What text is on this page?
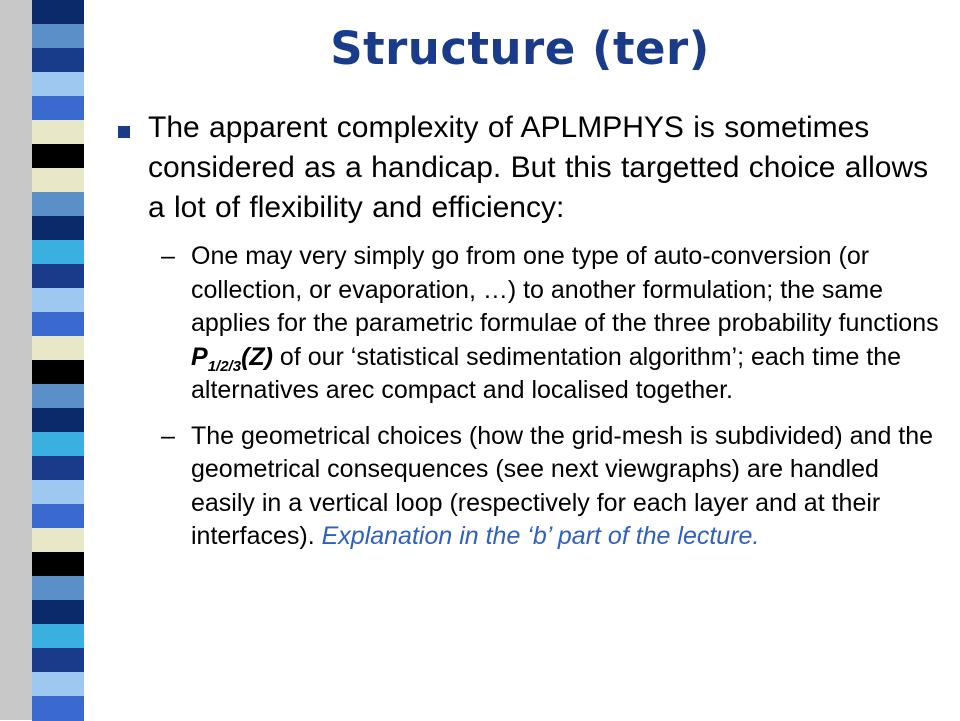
Structure (ter)
The apparent complexity of APLMPHYS is sometimes considered as a handicap. But this targetted choice allows a lot of flexibility and efficiency:
– One may very simply go from one type of auto-conversion (or collection, or evaporation, …) to another formulation; the same applies for the parametric formulae of the three probability functions $P_{1/2/3}(Z)$ of our ‘statistical sedimentation algorithm’; each time the alternatives arec compact and localised together.
– The geometrical choices (how the grid-mesh is subdivided) and the geometrical consequences (see next viewgraphs) are handled easily in a vertical loop (respectively for each layer and at their interfaces). Explanation in the ‘b’ part of the lecture.
